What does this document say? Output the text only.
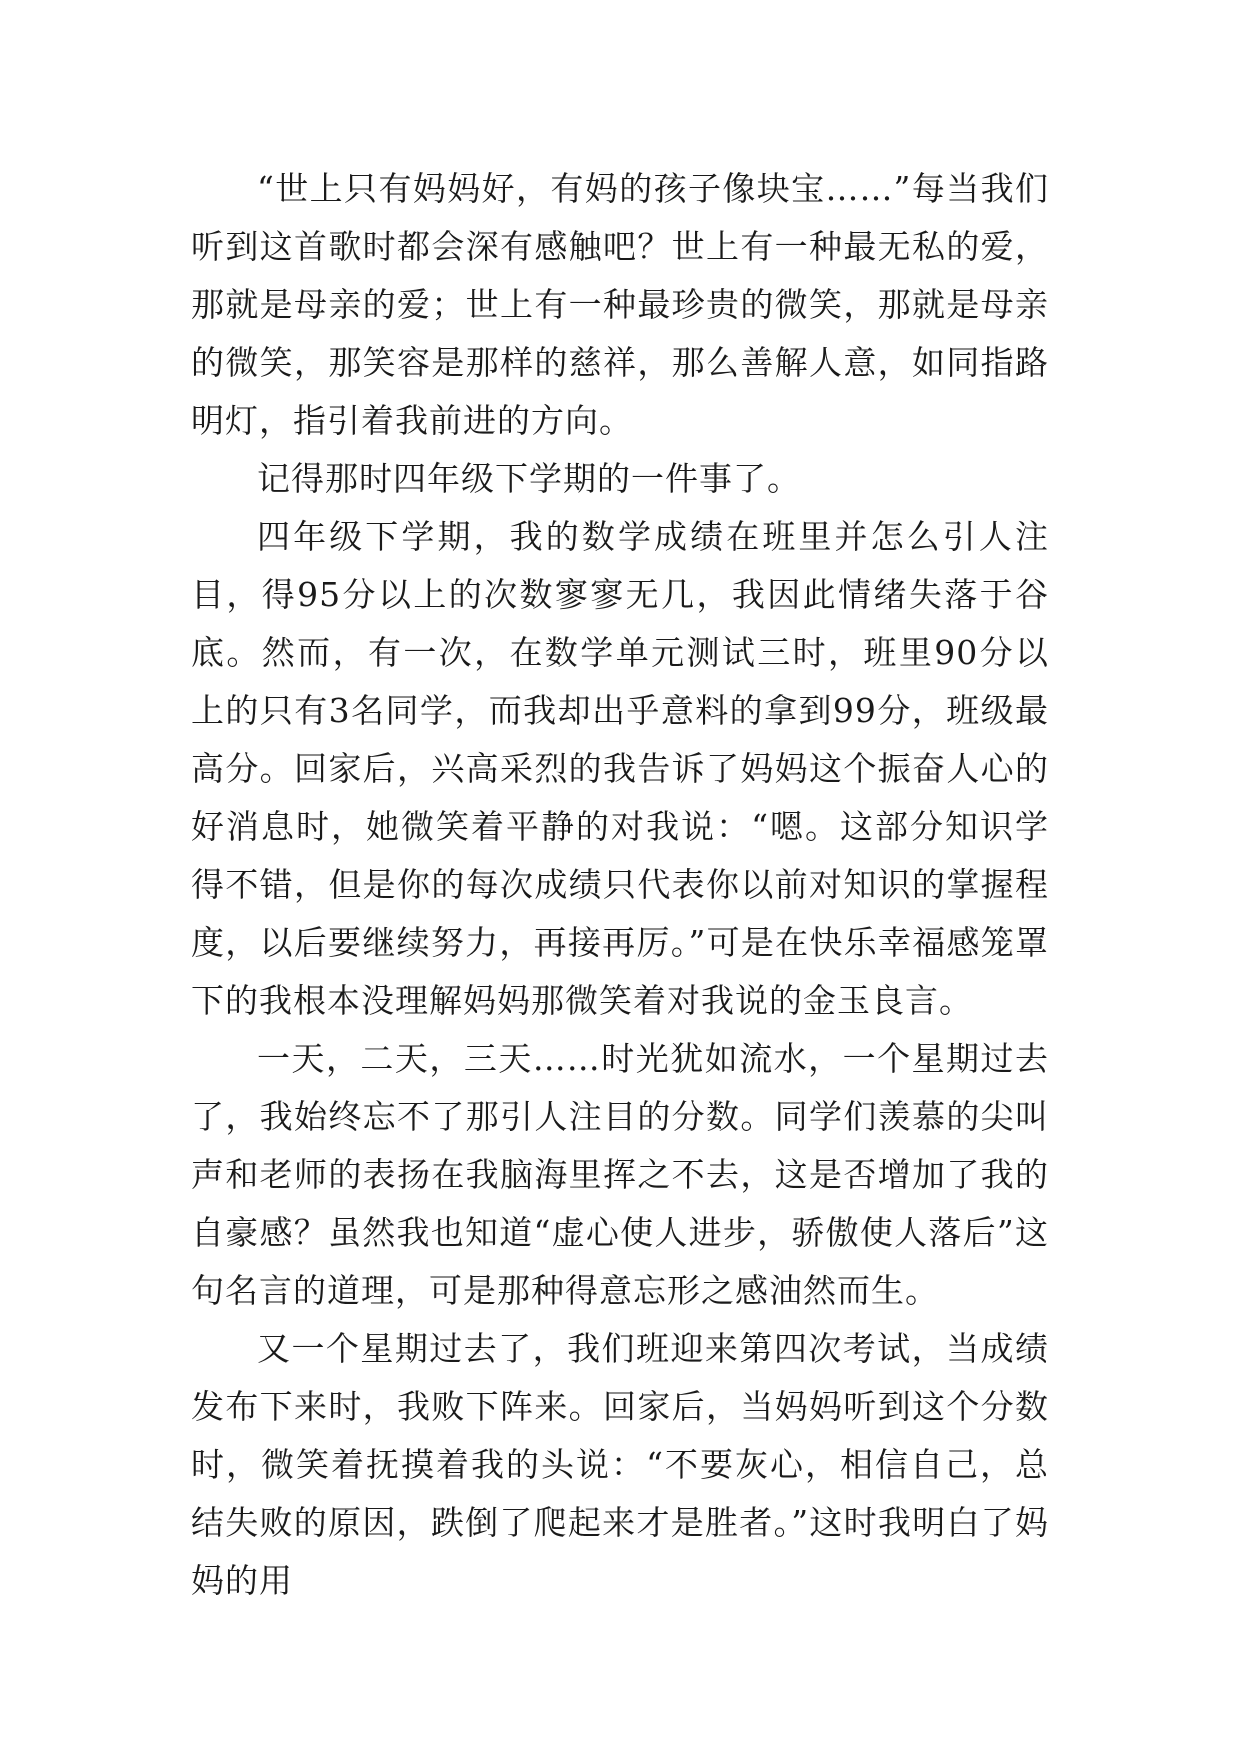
“世上只有妈妈好，有妈的孩子像块宝……”每当我们听到这首歌时都会深有感触吧？世上有一种最无私的爱，那就是母亲的爱；世上有一种最珍贵的微笑，那就是母亲的微笑，那笑容是那样的慈祥，那么善解人意，如同指路明灯，指引着我前进的方向。

记得那时四年级下学期的一件事了。

四年级下学期，我的数学成绩在班里并怎么引人注目，得95分以上的次数寥寥无几，我因此情绪失落于谷底。然而，有一次，在数学单元测试三时，班里90分以上的只有3名同学，而我却出乎意料的拿到99分，班级最高分。回家后，兴高采烈的我告诉了妈妈这个振奋人心的好消息时，她微笑着平静的对我说：“嗯。这部分知识学得不错，但是你的每次成绩只代表你以前对知识的掌握程度，以后要继续努力，再接再厉。”可是在快乐幸福感笼罩下的我根本没理解妈妈那微笑着对我说的金玉良言。

一天，二天，三天……时光犹如流水，一个星期过去了，我始终忘不了那引人注目的分数。同学们羡慕的尖叫声和老师的表扬在我脑海里挥之不去，这是否增加了我的自豪感？虽然我也知道“虚心使人进步，骄傲使人落后”这句名言的道理，可是那种得意忘形之感油然而生。

又一个星期过去了，我们班迎来第四次考试，当成绩发布下来时，我败下阵来。回家后，当妈妈听到这个分数时，微笑着抚摸着我的头说：“不要灰心，相信自己，总结失败的原因，跌倒了爬起来才是胜者。”这时我明白了妈妈的用
